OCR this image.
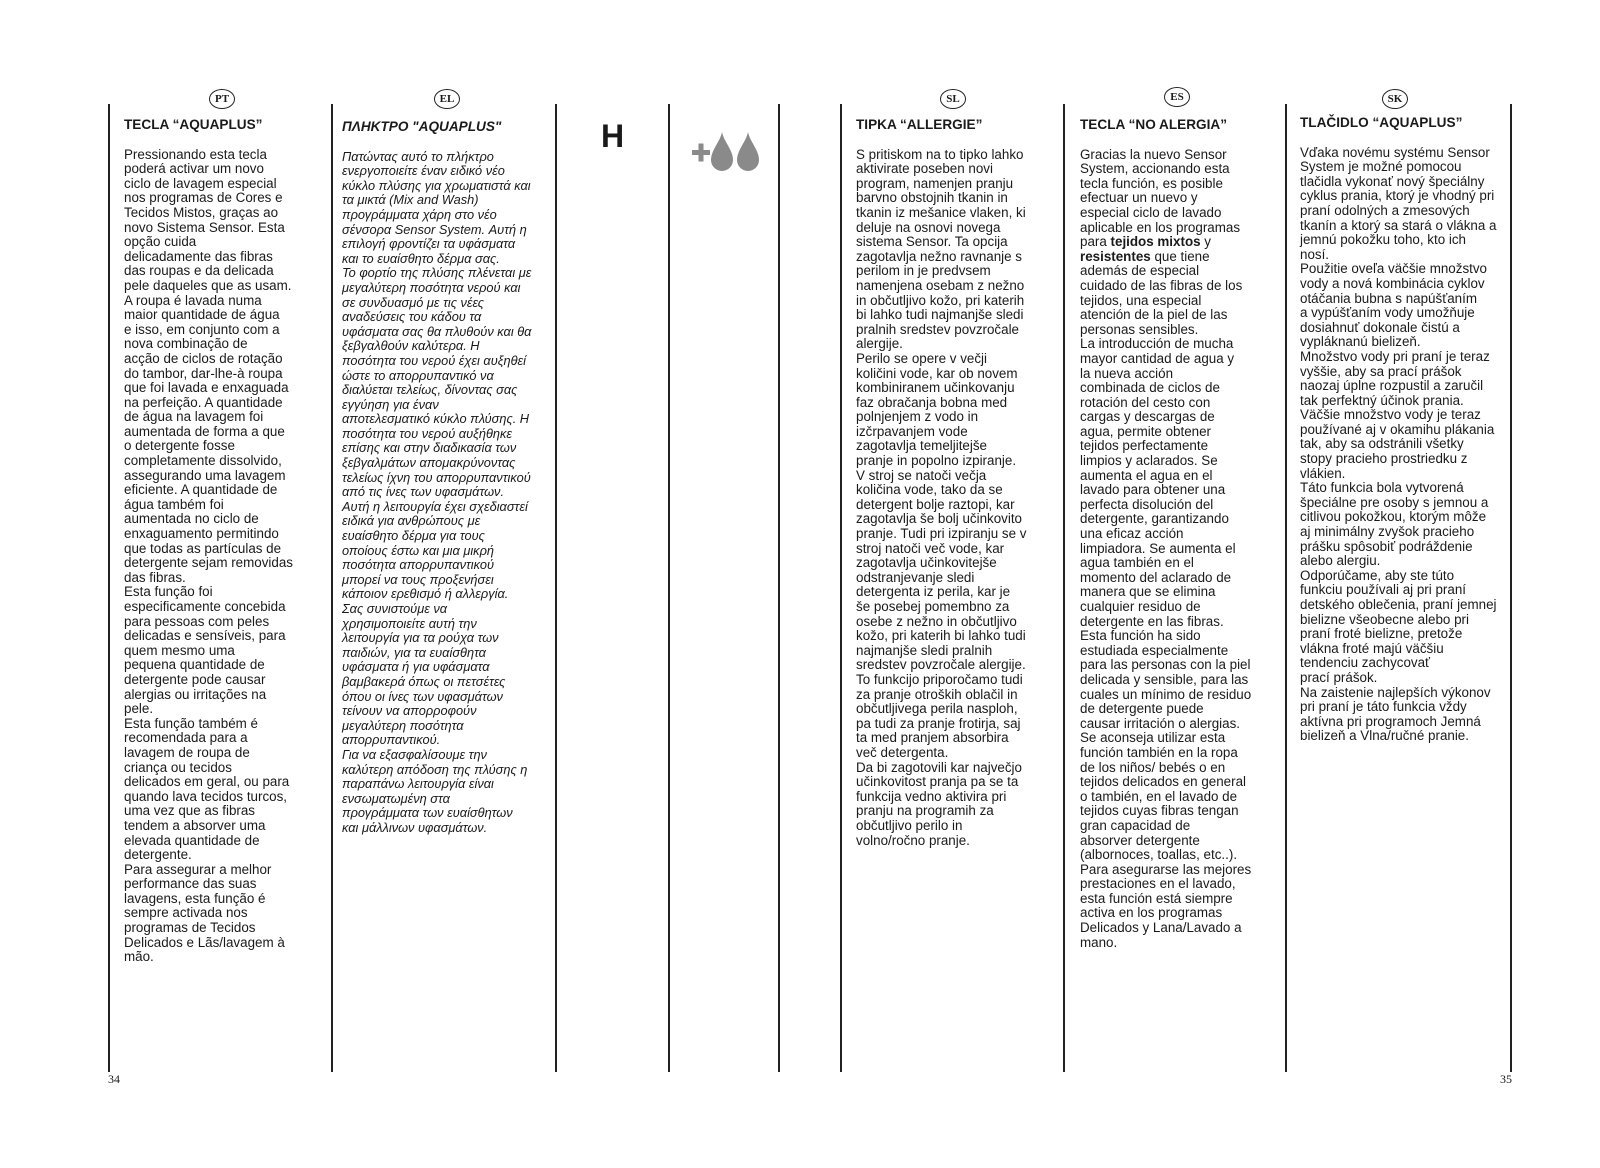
PT	EL	SL	ES	SK
TECLA “AQUAPLUS”
Pressionando esta tecla
poderá activar um novo
ciclo de lavagem especial
nos programas de Cores e
Tecidos Mistos, graças ao
novo Sistema Sensor. Esta
opção cuida
delicadamente das fibras
das roupas e da delicada
pele daqueles que as usam.
A roupa é lavada numa
maior quantidade de água
e isso, em conjunto com a
nova combinação de
acção de ciclos de rotação
do tambor, dar-lhe-à roupa
que foi lavada e enxaguada
na perfeição. A quantidade
de água na lavagem foi
aumentada de forma a que
o detergente fosse
completamente dissolvido,
assegurando uma lavagem
eficiente. A quantidade de
água também foi
aumentada no ciclo de
enxaguamento permitindo
que todas as partículas de
detergente sejam removidas
das fibras.
Esta função foi
especificamente concebida
para pessoas com peles
delicadas e sensíveis, para
quem mesmo uma
pequena quantidade de
detergente pode causar
alergias ou irritações na
pele.
Esta função também é
recomendada para a
lavagem de roupa de
criança ou tecidos
delicados em geral, ou para
quando lava tecidos turcos,
uma vez que as fibras
tendem a absorver uma
elevada quantidade de
detergente.
Para assegurar a melhor
performance das suas
lavagens, esta função é
sempre activada nos
programas de Tecidos
Delicados e Lãs/lavagem à
mão.
ΠΛΗΚΤΡΟ "AQUAPLUS"
Πατώντας αυτό το πλήκτρο
ενεργοποιείτε έναν ειδικό νέο
κύκλο πλύσης για χρωματιστά και
τα μικτά (Mix and Wash)
προγράμματα χάρη στο νέο
σένσορα Sensor System. Αυτή η
επιλογή φροντίζει τα υφάσματα
και το ευαίσθητο δέρμα σας.
Το φορτίο της πλύσης πλένεται με
μεγαλύτερη ποσότητα νερού και
σε συνδυασμό με τις νέες
αναδεύσεις του κάδου τα
υφάσματα σας θα πλυθούν και θα
ξεβγαλθούν καλύτερα. Η
ποσότητα του νερού έχει αυξηθεί
ώστε το απορρυπαντικό να
διαλύεται τελείως, δίνοντας σας
εγγύηση για έναν
αποτελεσματικό κύκλο πλύσης. Η
ποσότητα του νερού αυξήθηκε
επίσης και στην διαδικασία των
ξεβγαλμάτων απομακρύνοντας
τελείως ίχνη του απορρυπαντικού
από τις ίνες των υφασμάτων.
Αυτή η λειτουργία έχει σχεδιαστεί
ειδικά για ανθρώπους με
ευαίσθητο δέρμα για τους
οποίους έστω και μια μικρή
ποσότητα απορρυπαντικού
μπορεί να τους προξενήσει
κάποιον ερεθισμό ή αλλεργία.
Σας συνιστούμε να
χρησιμοποιείτε αυτή την
λειτουργία για τα ρούχα των
παιδιών, για τα ευαίσθητα
υφάσματα ή για υφάσματα
βαμβακερά όπως οι πετσέτες
όπου οι ίνες των υφασμάτων
τείνουν να απορροφούν
μεγαλύτερη ποσότητα
απορρυπαντικού.
Για να εξασφαλίσουμε την
καλύτερη απόδοση της πλύσης η
παραπάνω λειτουργία είναι
ενσωματωμένη στα
προγράμματα των ευαίσθητων
και μάλλινων υφασμάτων.
H	TIPKA “ALLERGIE”
S pritiskom na to tipko lahko
aktivirate poseben novi
program, namenjen pranju
barvno obstojnih tkanin in
tkanin iz mešanice vlaken, ki
deluje na osnovi novega
sistema Sensor. Ta opcija
zagotavlja nežno ravnanje s
perilom in je predvsem
namenjena osebam z nežno
in občutljivo kožo, pri katerih
bi lahko tudi najmanjše sledi
pralnih sredstev povzročale
alergije.
Perilo se opere v večji
količini vode, kar ob novem
kombiniranem učinkovanju
faz obračanja bobna med
polnjenjem z vodo in
izčrpavanjem vode
zagotavlja temeljitejše
pranje in popolno izpiranje.
V stroj se natoči večja
količina vode, tako da se
detergent bolje raztopi, kar
zagotavlja še bolj učinkovito
pranje. Tudi pri izpiranju se v
stroj natoči več vode, kar
zagotavlja učinkovitejše
odstranjevanje sledi
detergenta iz perila, kar je
še posebej pomembno za
osebe z nežno in občutljivo
kožo, pri katerih bi lahko tudi
najmanjše sledi pralnih
sredstev povzročale alergije.
To funkcijo priporočamo tudi
za pranje otroških oblačil in
občutljivega perila nasploh,
pa tudi za pranje frotirja, saj
ta med pranjem absorbira
več detergenta.
Da bi zagotovili kar največjo
učinkovitost pranja pa se ta
funkcija vedno aktivira pri
pranju na programih za
občutljivo perilo in
volno/ročno pranje.
TECLA “NO ALERGIA”
Gracias la nuevo Sensor
System, accionando esta
tecla función, es posible
efectuar un nuevo y
especial ciclo de lavado
aplicable en los programas
para tejidos mixtos y
resistentes que tiene
además de especial
cuidado de las fibras de los
tejidos, una especial
atención de la piel de las
personas sensibles.
La introducción de mucha
mayor cantidad de agua y
la nueva acción
combinada de ciclos de
rotación del cesto con
cargas y descargas de
agua, permite obtener
tejidos perfectamente
limpios y aclarados. Se
aumenta el agua en el
lavado para obtener una
perfecta disolución del
detergente, garantizando
una eficaz acción
limpiadora. Se aumenta el
agua también en el
momento del aclarado de
manera que se elimina
cualquier residuo de
detergente en las fibras.
Esta función ha sido
estudiada especialmente
para las personas con la piel
delicada y sensible, para las
cuales un mínimo de residuo
de detergente puede
causar irritación o alergias.
Se aconseja utilizar esta
función también en la ropa
de los niños/ bebés o en
tejidos delicados en general
o también, en el lavado de
tejidos cuyas fibras tengan
gran capacidad de
absorver detergente
(albornoces, toallas, etc..).
Para asegurarse las mejores
prestaciones en el lavado,
esta función está siempre
activa en los programas
Delicados y Lana/Lavado a
mano.
TLAČIDLO “AQUAPLUS”
Vďaka novému systému Sensor
System je možné pomocou
tlačidla vykonať nový špeciálny
cyklus prania, ktorý je vhodný pri
praní odolných a zmesových
tkanín a ktorý sa stará o vlákna a
jemnú pokožku toho, kto ich
nosí.
Použitie oveľa väčšie množstvo
vody a nová kombinácia cyklov
otáčania bubna s napúšťaním
a vypúšťaním vody umožňuje
dosiahnuť dokonale čistú a
vypláknanú bielizeň.
Množstvo vody pri praní je teraz
vyššie, aby sa prací prášok
naozaj úplne rozpustil a zaručil
tak perfektný účinok prania.
Väčšie množstvo vody je teraz
používané aj v okamihu plákania
tak, aby sa odstránili všetky
stopy pracieho prostriedku z
vlákien.
Táto funkcia bola vytvorená
špeciálne pre osoby s jemnou a
citlivou pokožkou, ktorým môže
aj minimálny zvyšok pracieho
prášku spôsobiť podráždenie
alebo alergiu.
Odporúčame, aby ste túto
funkciu používali aj pri praní
detského oblečenia, praní jemnej
bielizne všeobecne alebo pri
praní froté bielizne, pretože
vlákna froté majú väčšiu
tendenciu zachycovať
prací prášok.
Na zaistenie najlepších výkonov
pri praní je táto funkcia vždy
aktívna pri programoch Jemná
bielizeň a Vlna/ručné pranie.
34	35
